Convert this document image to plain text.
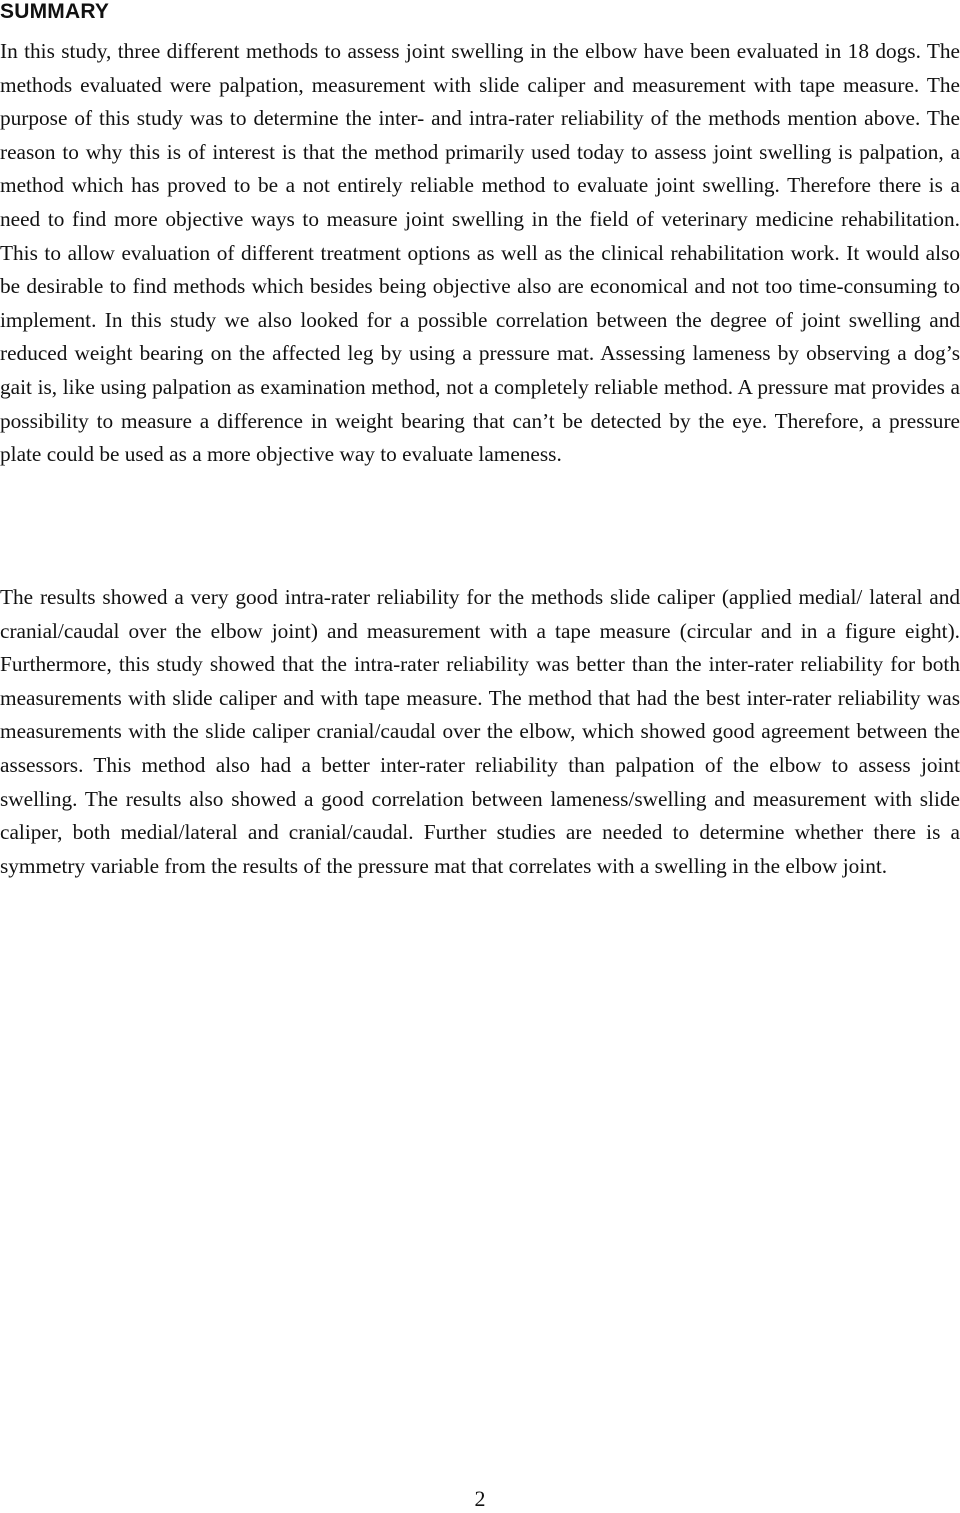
SUMMARY

In this study, three different methods to assess joint swelling in the elbow have been evaluated in 18 dogs. The methods evaluated were palpation, measurement with slide caliper and measurement with tape measure. The purpose of this study was to determine the inter- and intra-rater reliability of the methods mention above. The reason to why this is of interest is that the method primarily used today to assess joint swelling is palpation, a method which has proved to be a not entirely reliable method to evaluate joint swelling. Therefore there is a need to find more objective ways to measure joint swelling in the field of veterinary medicine rehabilitation. This to allow evaluation of different treatment options as well as the clinical rehabilitation work. It would also be desirable to find methods which besides being objective also are economical and not too time-consuming to implement. In this study we also looked for a possible correlation between the degree of joint swelling and reduced weight bearing on the affected leg by using a pressure mat. Assessing lameness by observing a dog’s gait is, like using palpation as examination method, not a completely reliable method. A pressure mat provides a possibility to measure a difference in weight bearing that can’t be detected by the eye. Therefore, a pressure plate could be used as a more objective way to evaluate lameness.

The results showed a very good intra-rater reliability for the methods slide caliper (applied medial/ lateral and cranial/caudal over the elbow joint) and measurement with a tape measure (circular and in a figure eight). Furthermore, this study showed that the intra-rater reliability was better than the inter-rater reliability for both measurements with slide caliper and with tape measure. The method that had the best inter-rater reliability was measurements with the slide caliper cranial/caudal over the elbow, which showed good agreement between the assessors. This method also had a better inter-rater reliability than palpation of the elbow to assess joint swelling. The results also showed a good correlation between lameness/swelling and measurement with slide caliper, both medial/lateral and cranial/caudal. Further studies are needed to determine whether there is a symmetry variable from the results of the pressure mat that correlates with a swelling in the elbow joint.

2
